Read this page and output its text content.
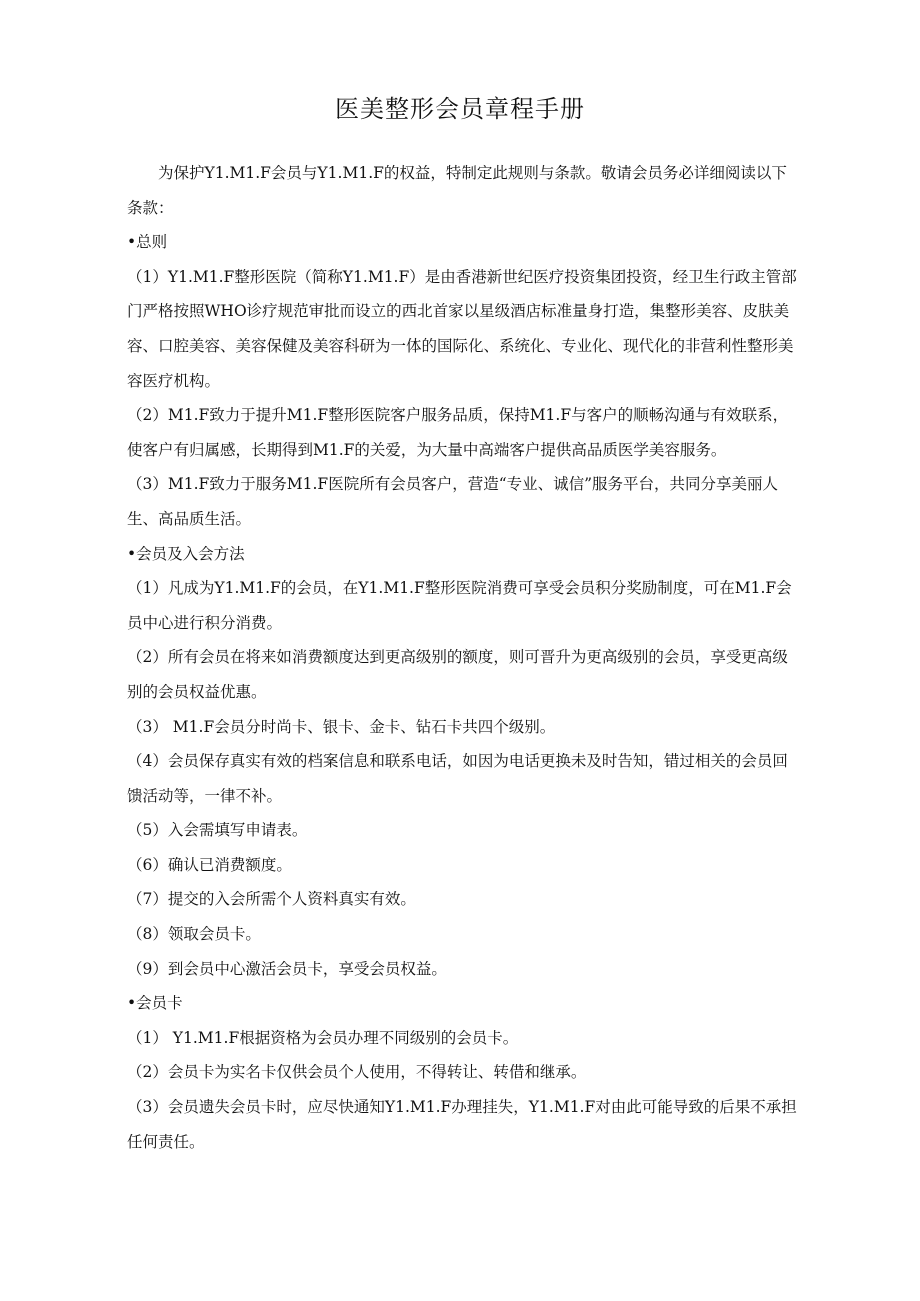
医美整形会员章程手册

为保护Y1.M1.F会员与Y1.M1.F的权益，特制定此规则与条款。敬请会员务必详细阅读以下条款：

•总则

（1）Y1.M1.F整形医院（简称Y1.M1.F）是由香港新世纪医疗投资集团投资，经卫生行政主管部门严格按照WHO诊疗规范审批而设立的西北首家以星级酒店标准量身打造，集整形美容、皮肤美容、口腔美容、美容保健及美容科研为一体的国际化、系统化、专业化、现代化的非营利性整形美容医疗机构。

（2）M1.F致力于提升M1.F整形医院客户服务品质，保持M1.F与客户的顺畅沟通与有效联系，使客户有归属感，长期得到M1.F的关爱，为大量中高端客户提供高品质医学美容服务。

（3）M1.F致力于服务M1.F医院所有会员客户，营造“专业、诚信”服务平台，共同分享美丽人生、高品质生活。

•会员及入会方法

（1）凡成为Y1.M1.F的会员，在Y1.M1.F整形医院消费可享受会员积分奖励制度，可在M1.F会员中心进行积分消费。

（2）所有会员在将来如消费额度达到更高级别的额度，则可晋升为更高级别的会员，享受更高级别的会员权益优惠。

（3） M1.F会员分时尚卡、银卡、金卡、钻石卡共四个级别。

（4）会员保存真实有效的档案信息和联系电话，如因为电话更换未及时告知，错过相关的会员回馈活动等，一律不补。

（5）入会需填写申请表。

（6）确认已消费额度。

（7）提交的入会所需个人资料真实有效。

（8）领取会员卡。

（9）到会员中心激活会员卡，享受会员权益。

•会员卡

（1） Y1.M1.F根据资格为会员办理不同级别的会员卡。

（2）会员卡为实名卡仅供会员个人使用，不得转让、转借和继承。

（3）会员遗失会员卡时，应尽快通知Y1.M1.F办理挂失，Y1.M1.F对由此可能导致的后果不承担任何责任。
